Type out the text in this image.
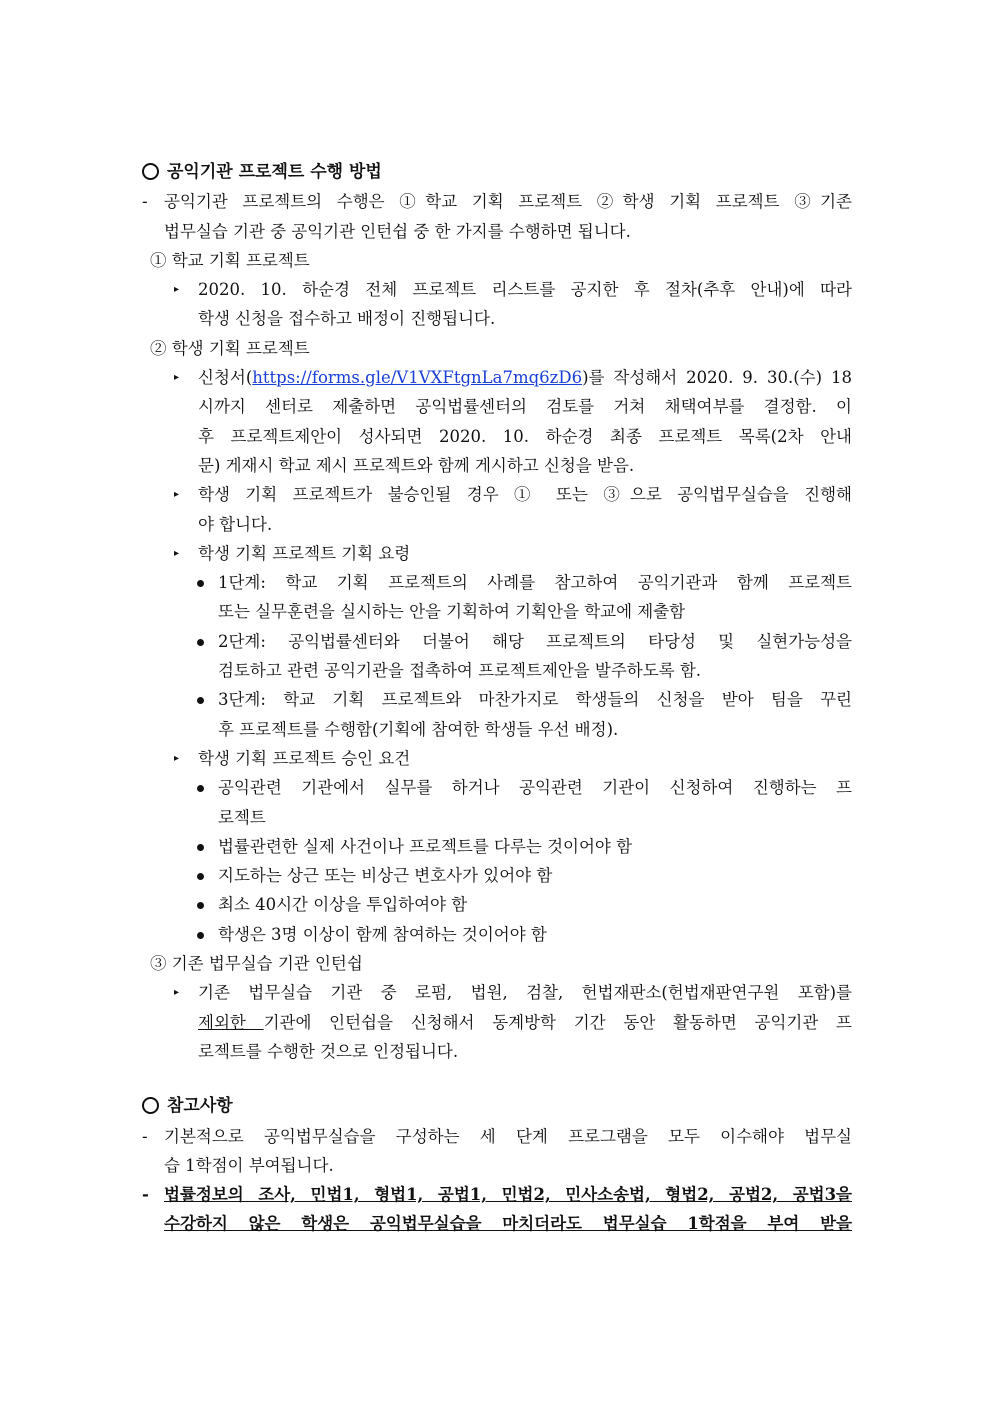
공익기관 프로젝트 수행 방법
- 공익기관 프로젝트의 수행은 ①학교 기획 프로젝트 ②학생 기획 프로젝트 ③기존
법무실습 기관 중 공익기관 인턴쉽 중 한 가지를 수행하면 됩니다.
① 학교 기획 프로젝트
▸ 2020. 10. 하순경 전체 프로젝트 리스트를 공지한 후 절차(추후 안내)에 따라
학생 신청을 접수하고 배정이 진행됩니다.
② 학생 기획 프로젝트
▸ 신청서(https://forms.gle/V1VXFtgnLa7mq6zD6)를 작성해서 2020. 9. 30.(수) 18
시까지 센터로 제출하면 공익법률센터의 검토를 거쳐 채택여부를 결정함. 이
후 프로젝트제안이 성사되면 2020. 10. 하순경 최종 프로젝트 목록(2차 안내
문) 게재시 학교 제시 프로젝트와 함께 게시하고 신청을 받음.
▸ 학생 기획 프로젝트가 불승인될 경우 ① 또는 ③으로 공익법무실습을 진행해
야 합니다.
▸ 학생 기획 프로젝트 기획 요령
1단계: 학교 기획 프로젝트의 사례를 참고하여 공익기관과 함께 프로젝트
또는 실무훈련을 실시하는 안을 기획하여 기획안을 학교에 제출함
2단계: 공익법률센터와 더불어 해당 프로젝트의 타당성 및 실현가능성을
검토하고 관련 공익기관을 접촉하여 프로젝트제안을 발주하도록 함.
3단계: 학교 기획 프로젝트와 마찬가지로 학생들의 신청을 받아 팀을 꾸린
후 프로젝트를 수행함(기획에 참여한 학생들 우선 배정).
▸ 학생 기획 프로젝트 승인 요건
공익관련 기관에서 실무를 하거나 공익관련 기관이 신청하여 진행하는 프
로젝트
법률관련한 실제 사건이나 프로젝트를 다루는 것이어야 함
지도하는 상근 또는 비상근 변호사가 있어야 함
최소 40시간 이상을 투입하여야 함
학생은 3명 이상이 함께 참여하는 것이어야 함
③ 기존 법무실습 기관 인턴쉽
▸ 기존 법무실습 기관 중 로펌, 법원, 검찰, 헌법재판소(헌법재판연구원 포함)를
제외한 기관에 인턴쉽을 신청해서 동계방학 기간 동안 활동하면 공익기관 프
로젝트를 수행한 것으로 인정됩니다.
참고사항
- 기본적으로 공익법무실습을 구성하는 세 단계 프로그램을 모두 이수해야 법무실
습 1학점이 부여됩니다.
- 법률정보의 조사, 민법1, 형법1, 공법1, 민법2, 민사소송법, 형법2, 공법2, 공법3을
수강하지 않은 학생은 공익법무실습을 마치더라도 법무실습 1학점을 부여 받을
